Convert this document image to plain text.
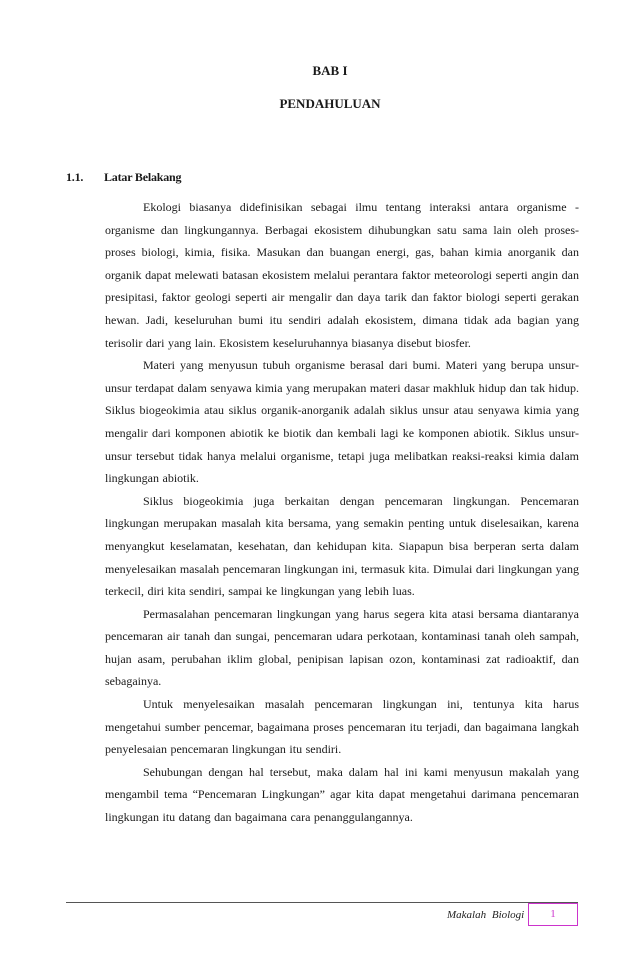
BAB I
PENDAHULUAN
1.1. Latar Belakang

Ekologi biasanya didefinisikan sebagai ilmu tentang interaksi antara organisme - organisme dan lingkungannya. Berbagai ekosistem dihubungkan satu sama lain oleh proses-proses biologi, kimia, fisika. Masukan dan buangan energi, gas, bahan kimia anorganik dan organik dapat melewati batasan ekosistem melalui perantara faktor meteorologi seperti angin dan presipitasi, faktor geologi seperti air mengalir dan daya tarik dan faktor biologi seperti gerakan hewan. Jadi, keseluruhan bumi itu sendiri adalah ekosistem, dimana tidak ada bagian yang terisolir dari yang lain. Ekosistem keseluruhannya biasanya disebut biosfer.

Materi yang menyusun tubuh organisme berasal dari bumi. Materi yang berupa unsur-unsur terdapat dalam senyawa kimia yang merupakan materi dasar makhluk hidup dan tak hidup. Siklus biogeokimia atau siklus organik-anorganik adalah siklus unsur atau senyawa kimia yang mengalir dari komponen abiotik ke biotik dan kembali lagi ke komponen abiotik. Siklus unsur-unsur tersebut tidak hanya melalui organisme, tetapi juga melibatkan reaksi-reaksi kimia dalam lingkungan abiotik.

Siklus biogeokimia juga berkaitan dengan pencemaran lingkungan. Pencemaran lingkungan merupakan masalah kita bersama, yang semakin penting untuk diselesaikan, karena menyangkut keselamatan, kesehatan, dan kehidupan kita. Siapapun bisa berperan serta dalam menyelesaikan masalah pencemaran lingkungan ini, termasuk kita. Dimulai dari lingkungan yang terkecil, diri kita sendiri, sampai ke lingkungan yang lebih luas.

Permasalahan pencemaran lingkungan yang harus segera kita atasi bersama diantaranya pencemaran air tanah dan sungai, pencemaran udara perkotaan, kontaminasi tanah oleh sampah, hujan asam, perubahan iklim global, penipisan lapisan ozon, kontaminasi zat radioaktif, dan sebagainya.

Untuk menyelesaikan masalah pencemaran lingkungan ini, tentunya kita harus mengetahui sumber pencemar, bagaimana proses pencemaran itu terjadi, dan bagaimana langkah penyelesaian pencemaran lingkungan itu sendiri.

Sehubungan dengan hal tersebut, maka dalam hal ini kami menyusun makalah yang mengambil tema “Pencemaran Lingkungan” agar kita dapat mengetahui darimana pencemaran lingkungan itu datang dan bagaimana cara penanggulangannya.

Makalah Biologi	1
